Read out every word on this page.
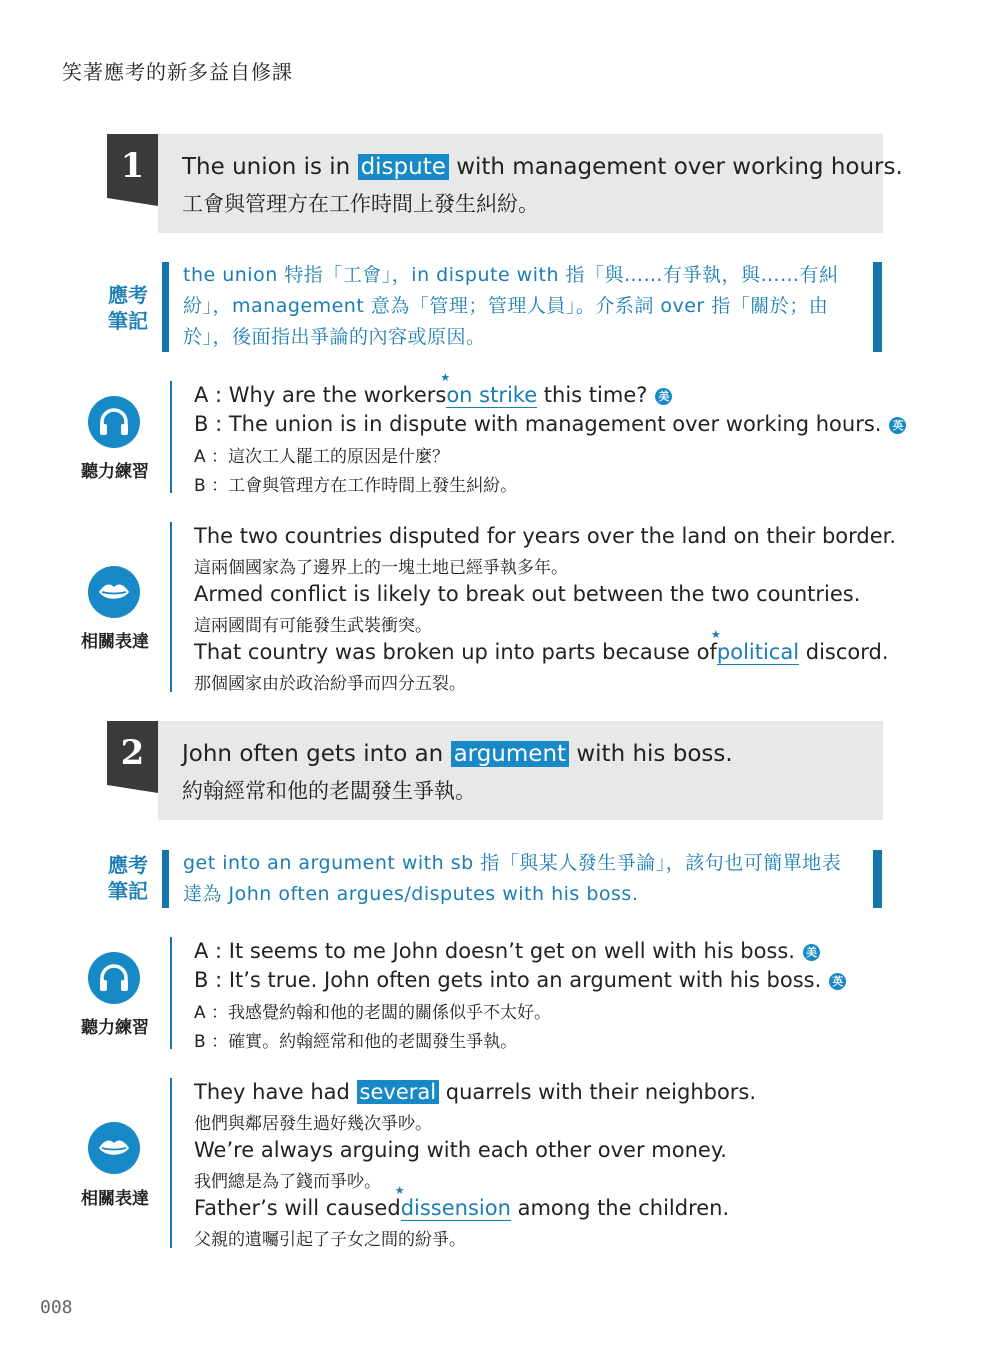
笑著應考的新多益自修課
1	The union is in dispute with management over working hours.
工會與管理方在工作時間上發生糾紛。
應考
筆記
the union 特指「工會」，in dispute with 指「與……有爭執，與……有糾紛」，management 意為「管理；管理人員」。介系詞 over 指「關於；由於」，後面指出爭論的內容或原因。
聽力練習
A : Why are the workers
★
on strike this time? 美
B : The union is in dispute with management over working hours. 英
A ：這次工人罷工的原因是什麼？
B ：工會與管理方在工作時間上發生糾紛。
相關表達
The two countries disputed for years over the land on their border.
這兩個國家為了邊界上的一塊土地已經爭執多年。
Armed conflict is likely to break out between the two countries.
這兩國間有可能發生武裝衝突。
That country was broken up into parts because of
★
political discord.
那個國家由於政治紛爭而四分五裂。
2	John often gets into an argument with his boss.
約翰經常和他的老闆發生爭執。
應考
筆記
get into an argument with sb 指「與某人發生爭論」，該句也可簡單地表達為 John often argues/disputes with his boss.
聽力練習
A : It seems to me John doesn’t get on well with his boss. 美
B : It’s true. John often gets into an argument with his boss. 英
A ：我感覺約翰和他的老闆的關係似乎不太好。
B ：確實。約翰經常和他的老闆發生爭執。
相關表達
They have had several quarrels with their neighbors.
他們與鄰居發生過好幾次爭吵。
We’re always arguing with each other over money.
我們總是為了錢而爭吵。
Father’s will caused
★
dissension among the children.
父親的遺囑引起了子女之間的紛爭。
008
